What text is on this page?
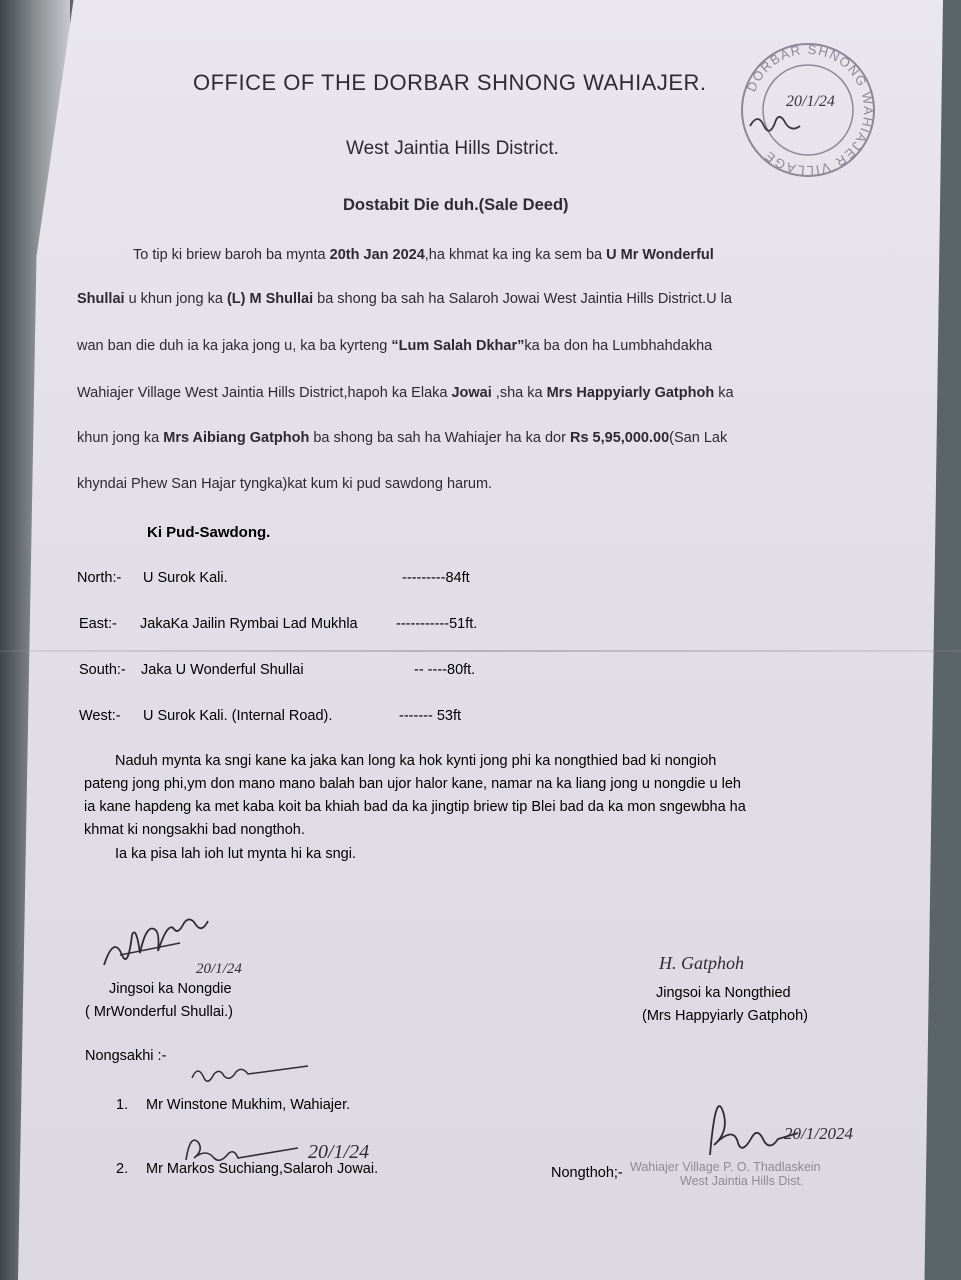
OFFICE OF THE DORBAR SHNONG WAHIAJER.
West Jaintia Hills District.
Dostabit Die duh.(Sale Deed)
DORBAR SHNONG WAHIAJER VILLAGE
20/1/24
To tip ki briew baroh ba mynta 20th Jan 2024,ha khmat ka ing ka sem ba U Mr Wonderful
Shullai u khun jong ka (L) M Shullai ba shong ba sah ha Salaroh Jowai West Jaintia Hills District.U la
wan ban die duh ia ka jaka jong u, ka ba kyrteng “Lum Salah Dkhar”ka ba don ha Lumbhahdakha
Wahiajer Village West Jaintia Hills District,hapoh ka Elaka Jowai ,sha ka Mrs Happyiarly Gatphoh ka
khun jong ka Mrs Aibiang Gatphoh ba shong ba sah ha Wahiajer ha ka dor Rs 5,95,000.00(San Lak
khyndai Phew San Hajar tyngka)kat kum ki pud sawdong harum.
Ki Pud-Sawdong.
North:- U Surok Kali.	---------84ft
East:- JakaKa Jailin Rymbai Lad Mukhla	-----------51ft.
South:- Jaka U Wonderful Shullai	-- ----80ft.
West:- U Surok Kali. (Internal Road).	------- 53ft
Naduh mynta ka sngi kane ka jaka kan long ka hok kynti jong phi ka nongthied bad ki nongioh
pateng jong phi,ym don mano mano balah ban ujor halor kane, namar na ka liang jong u nongdie u leh
ia kane hapdeng ka met kaba koit ba khiah bad da ka jingtip briew tip Blei bad da ka mon sngewbha ha
khmat ki nongsakhi bad nongthoh.
Ia ka pisa lah ioh lut mynta hi ka sngi.
20/1/24
Jingsoi ka Nongdie
( MrWonderful Shullai.)
H. Gatphoh
Jingsoi ka Nongthied
(Mrs Happyiarly Gatphoh)
Nongsakhi :-
1. Mr Winstone Mukhim, Wahiajer.
20/1/24
2. Mr Markos Suchiang,Salaroh Jowai.	Nongthoh;-
20/1/2024
Wahiajer Village P. O. Thadlaskein
West Jaintia Hills Dist.
